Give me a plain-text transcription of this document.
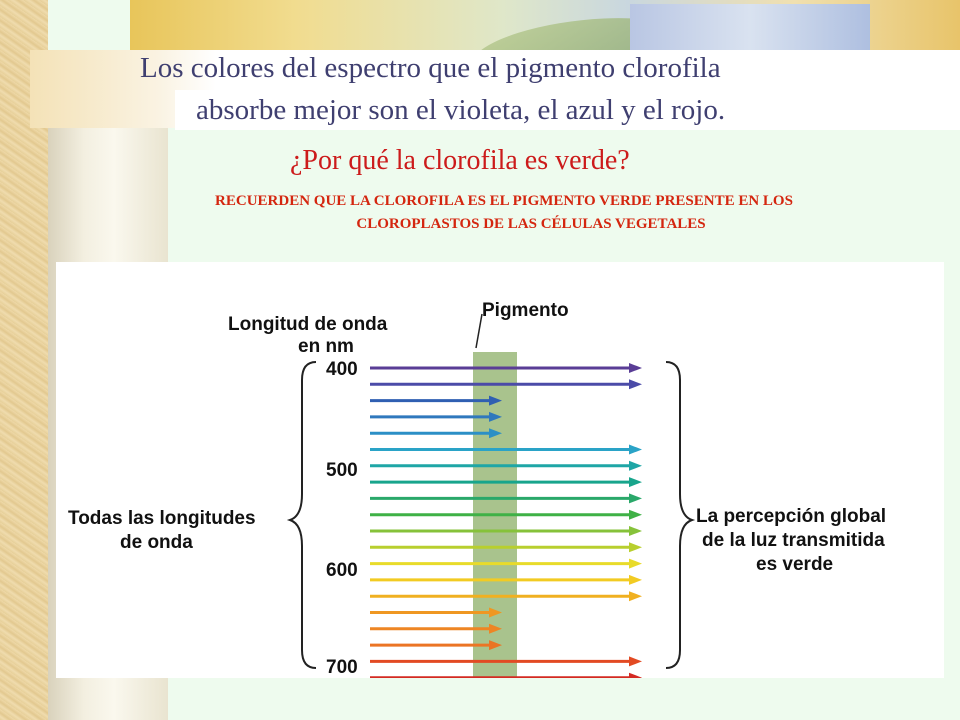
Los colores del espectro que el pigmento clorofila
absorbe mejor son el violeta, el azul y el rojo.
¿Por qué la clorofila es verde?
RECUERDEN QUE LA CLOROFILA ES EL PIGMENTO VERDE PRESENTE EN LOS
CLOROPLASTOS DE LAS CÉLULAS VEGETALES
Pigmento
Longitud de onda
en nm
Todas las longitudes
de onda
La percepción global
de la luz transmitida
es verde
400
500
600
700
